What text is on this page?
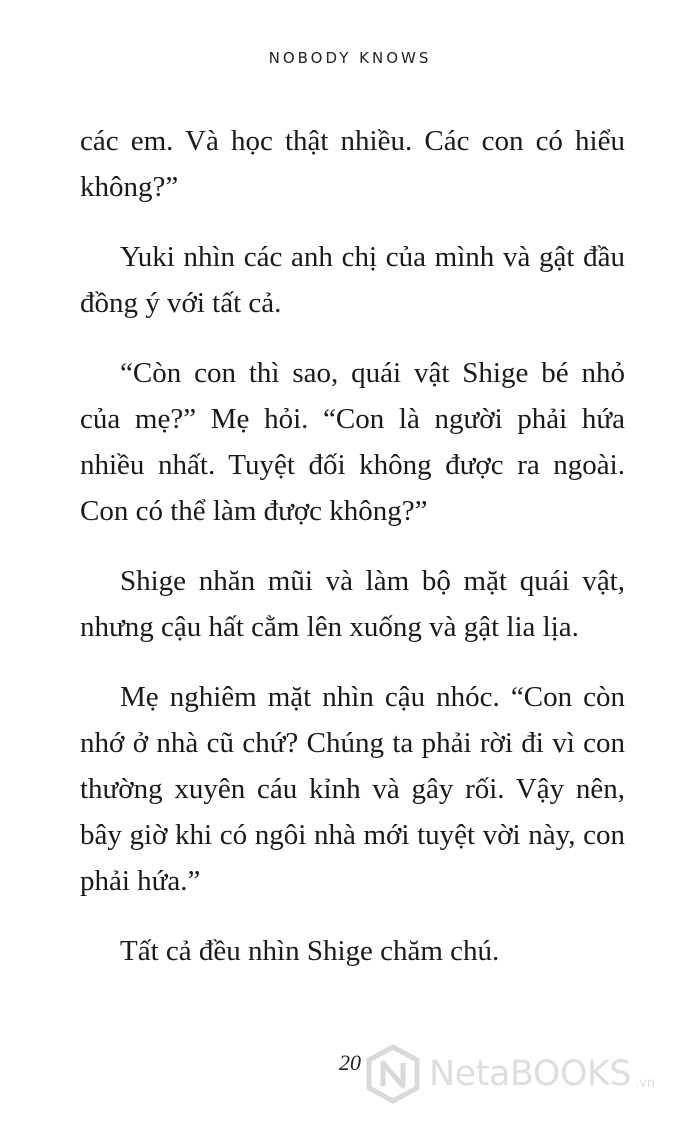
NOBODY KNOWS

các em. Và học thật nhiều. Các con có hiểu không?”

Yuki nhìn các anh chị của mình và gật đầu đồng ý với tất cả.

“Còn con thì sao, quái vật Shige bé nhỏ của mẹ?” Mẹ hỏi. “Con là người phải hứa nhiều nhất. Tuyệt đối không được ra ngoài. Con có thể làm được không?”

Shige nhăn mũi và làm bộ mặt quái vật, nhưng cậu hất cằm lên xuống và gật lia lịa.

Mẹ nghiêm mặt nhìn cậu nhóc. “Con còn nhớ ở nhà cũ chứ? Chúng ta phải rời đi vì con thường xuyên cáu kỉnh và gây rối. Vậy nên, bây giờ khi có ngôi nhà mới tuyệt vời này, con phải hứa.”

Tất cả đều nhìn Shige chăm chú.

20	NetaBOOKS .vn
